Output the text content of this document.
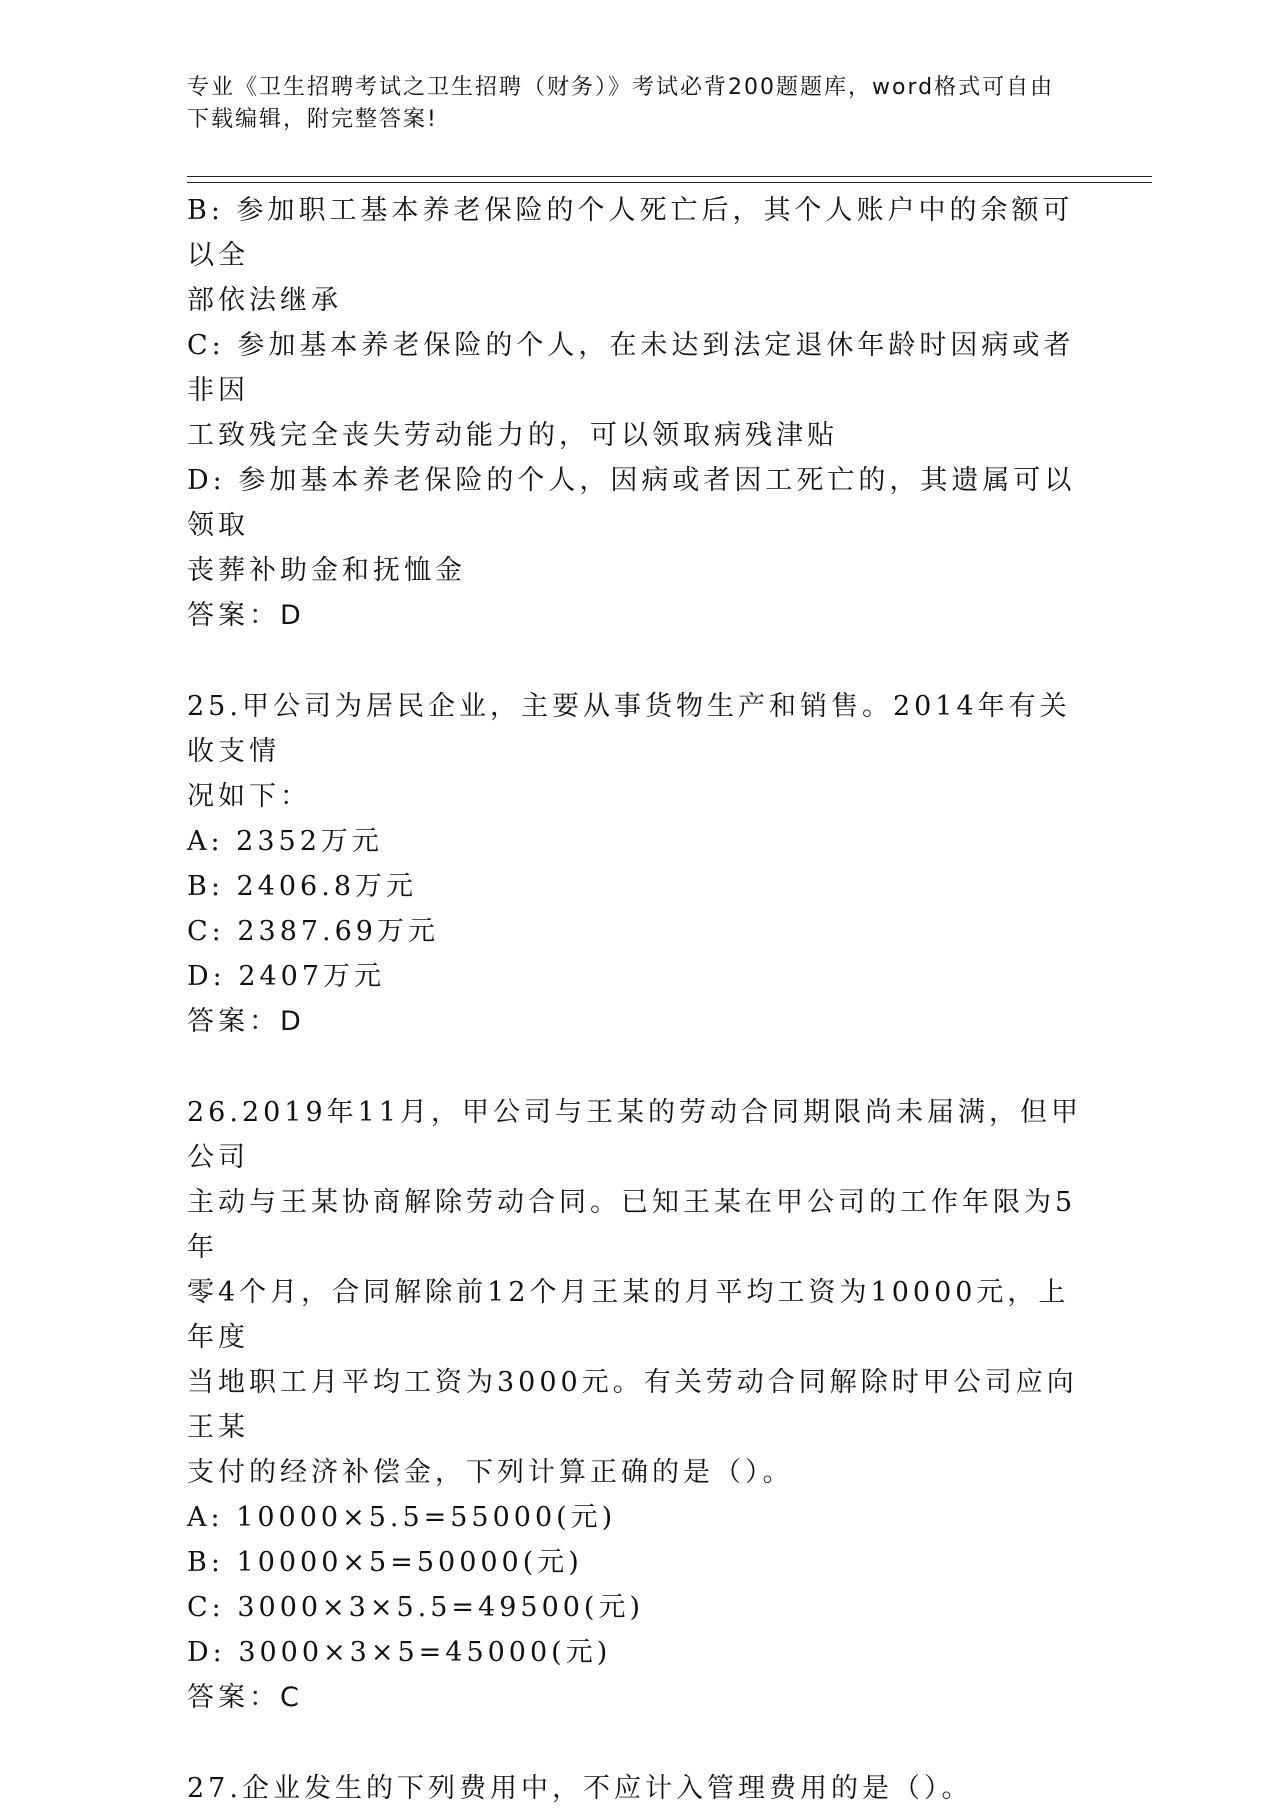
专业《卫生招聘考试之卫生招聘（财务）》考试必背200题题库，word格式可自由下载编辑，附完整答案!
B: 参加职工基本养老保险的个人死亡后，其个人账户中的余额可以全
部依法继承
C: 参加基本养老保险的个人，在未达到法定退休年龄时因病或者非因
工致残完全丧失劳动能力的，可以领取病残津贴
D: 参加基本养老保险的个人，因病或者因工死亡的，其遗属可以领取
丧葬补助金和抚恤金
答案：D
25.甲公司为居民企业，主要从事货物生产和销售。2014年有关收支情
况如下：
A: 2352万元
B: 2406.8万元
C: 2387.69万元
D: 2407万元
答案：D
26.2019年11月，甲公司与王某的劳动合同期限尚未届满，但甲公司
主动与王某协商解除劳动合同。已知王某在甲公司的工作年限为5年
零4个月，合同解除前12个月王某的月平均工资为10000元，上年度
当地职工月平均工资为3000元。有关劳动合同解除时甲公司应向王某
支付的经济补偿金，下列计算正确的是（）。
A: 10000×5.5=55000(元)
B: 10000×5=50000(元)
C: 3000×3×5.5=49500(元)
D: 3000×3×5=45000(元)
答案：C
27.企业发生的下列费用中，不应计入管理费用的是（）。
